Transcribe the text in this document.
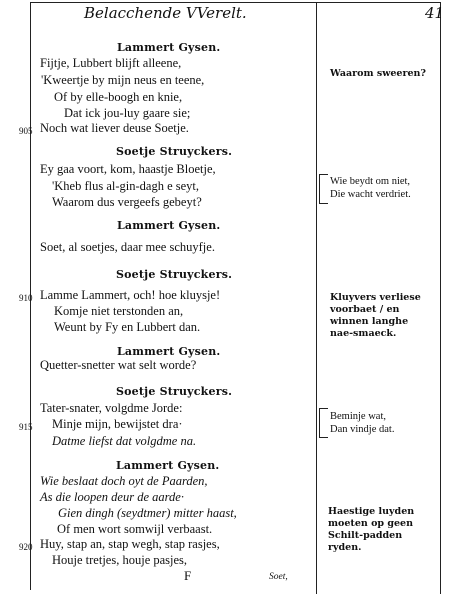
Belacchende VVerelt.	41
Lammert Gysen.
Fijtje, Lubbert blijft alleene,
'Kweertje by mijn neus en teene,
Of by elle-boogh en knie,
Dat ick jou-luy gaare sie;
905 Noch wat liever deuse Soetje.
Soetje Struyckers.
Ey gaa voort, kom, haastje Bloetje,
'Kheb flus al-gin-dagh e seyt,
Waarom dus vergeefs gebeyt?
Lammert Gysen.
Soet, al soetjes, daar mee schuyfje.
Soetje Struyckers.
910 Lamme Lammert, och! hoe kluysje!
Komje niet terstonden an,
Weunt by Fy en Lubbert dan.
Lammert Gysen.
Quetter-snetter wat selt worde?
Soetje Struyckers.
Tater-snater, volgdme Jorde:
915 Minje mijn, bewijstet dra·
Datme liefst dat volgdme na.
Lammert Gysen.
Wie beslaat doch oyt de Paarden,
As die loopen deur de aarde·
Gien dingh (seydtmer) mitter haast,
Of men wort somwijl verbaast.
920 Huy, stap an, stap wegh, stap rasjes,
Houje tretjes, houje pasjes,
F	Soet,
Waarom sweeren?
Wie beydt om niet,
Die wacht verdriet.
Kluyvers verliese voorbaet / en winnen langhe nae-smaeck.
Beminje wat,
Dan vindje dat.
Haestige luyden moeten op geen Schilt-padden ryden.
